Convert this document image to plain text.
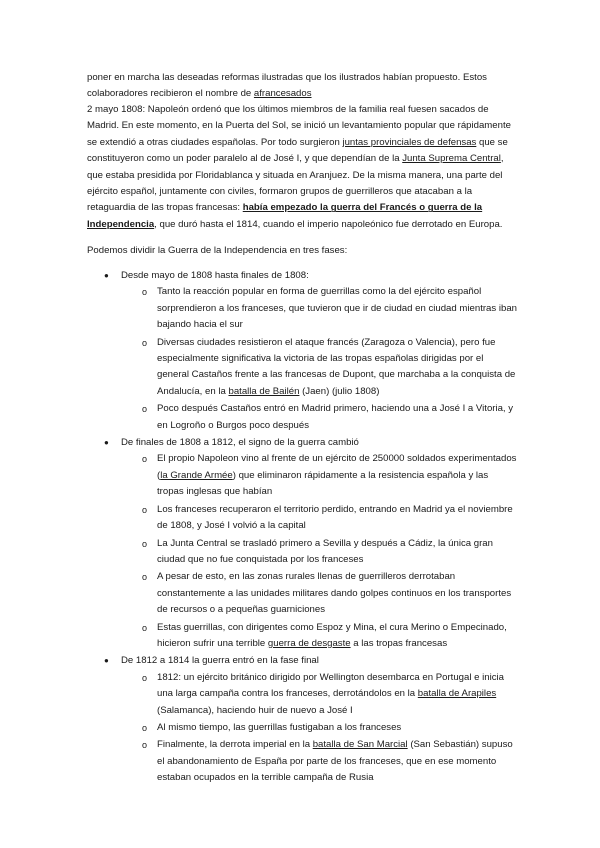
poner en marcha las deseadas reformas ilustradas que los ilustrados habían propuesto. Estos colaboradores recibieron el nombre de afrancesados

2 mayo 1808: Napoleón ordenó que los últimos miembros de la familia real fuesen sacados de Madrid. En este momento, en la Puerta del Sol, se inició un levantamiento popular que rápidamente se extendió a otras ciudades españolas. Por todo surgieron juntas provinciales de defensas que se constituyeron como un poder paralelo al de José I, y que dependían de la Junta Suprema Central, que estaba presidida por Floridablanca y situada en Aranjuez. De la misma manera, una parte del ejército español, juntamente con civiles, formaron grupos de guerrilleros que atacaban a la retaguardia de las tropas francesas: había empezado la guerra del Francés o guerra de la Independencia, que duró hasta el 1814, cuando el imperio napoleónico fue derrotado en Europa.

Podemos dividir la Guerra de la Independencia en tres fases:

● Desde mayo de 1808 hasta finales de 1808:
o Tanto la reacción popular en forma de guerrillas como la del ejército español sorprendieron a los franceses, que tuvieron que ir de ciudad en ciudad mientras iban bajando hacia el sur
o Diversas ciudades resistieron el ataque francés (Zaragoza o Valencia), pero fue especialmente significativa la victoria de las tropas españolas dirigidas por el general Castaños frente a las francesas de Dupont, que marchaba a la conquista de Andalucía, en la batalla de Bailén (Jaen) (julio 1808)
o Poco después Castaños entró en Madrid primero, haciendo una a José I a Vitoria, y en Logroño o Burgos poco después
● De finales de 1808 a 1812, el signo de la guerra cambió
o El propio Napoleon vino al frente de un ejército de 250000 soldados experimentados (la Grande Armée) que eliminaron rápidamente a la resistencia española y las tropas inglesas que habían
o Los franceses recuperaron el territorio perdido, entrando en Madrid ya el noviembre de 1808, y José I volvió a la capital
o La Junta Central se trasladó primero a Sevilla y después a Cádiz, la única gran ciudad que no fue conquistada por los franceses
o A pesar de esto, en las zonas rurales llenas de guerrilleros derrotaban constantemente a las unidades militares dando golpes continuos en los transportes de recursos o a pequeñas guarniciones
o Estas guerrillas, con dirigentes como Espoz y Mina, el cura Merino o Empecinado, hicieron sufrir una terrible guerra de desgaste a las tropas francesas
● De 1812 a 1814 la guerra entró en la fase final
o 1812: un ejército británico dirigido por Wellington desembarca en Portugal e inicia una larga campaña contra los franceses, derrotándolos en la batalla de Arapiles (Salamanca), haciendo huir de nuevo a José I
o Al mismo tiempo, las guerrillas fustigaban a los franceses
o Finalmente, la derrota imperial en la batalla de San Marcial (San Sebastián) supuso el abandonamiento de España por parte de los franceses, que en ese momento estaban ocupados en la terrible campaña de Rusia
